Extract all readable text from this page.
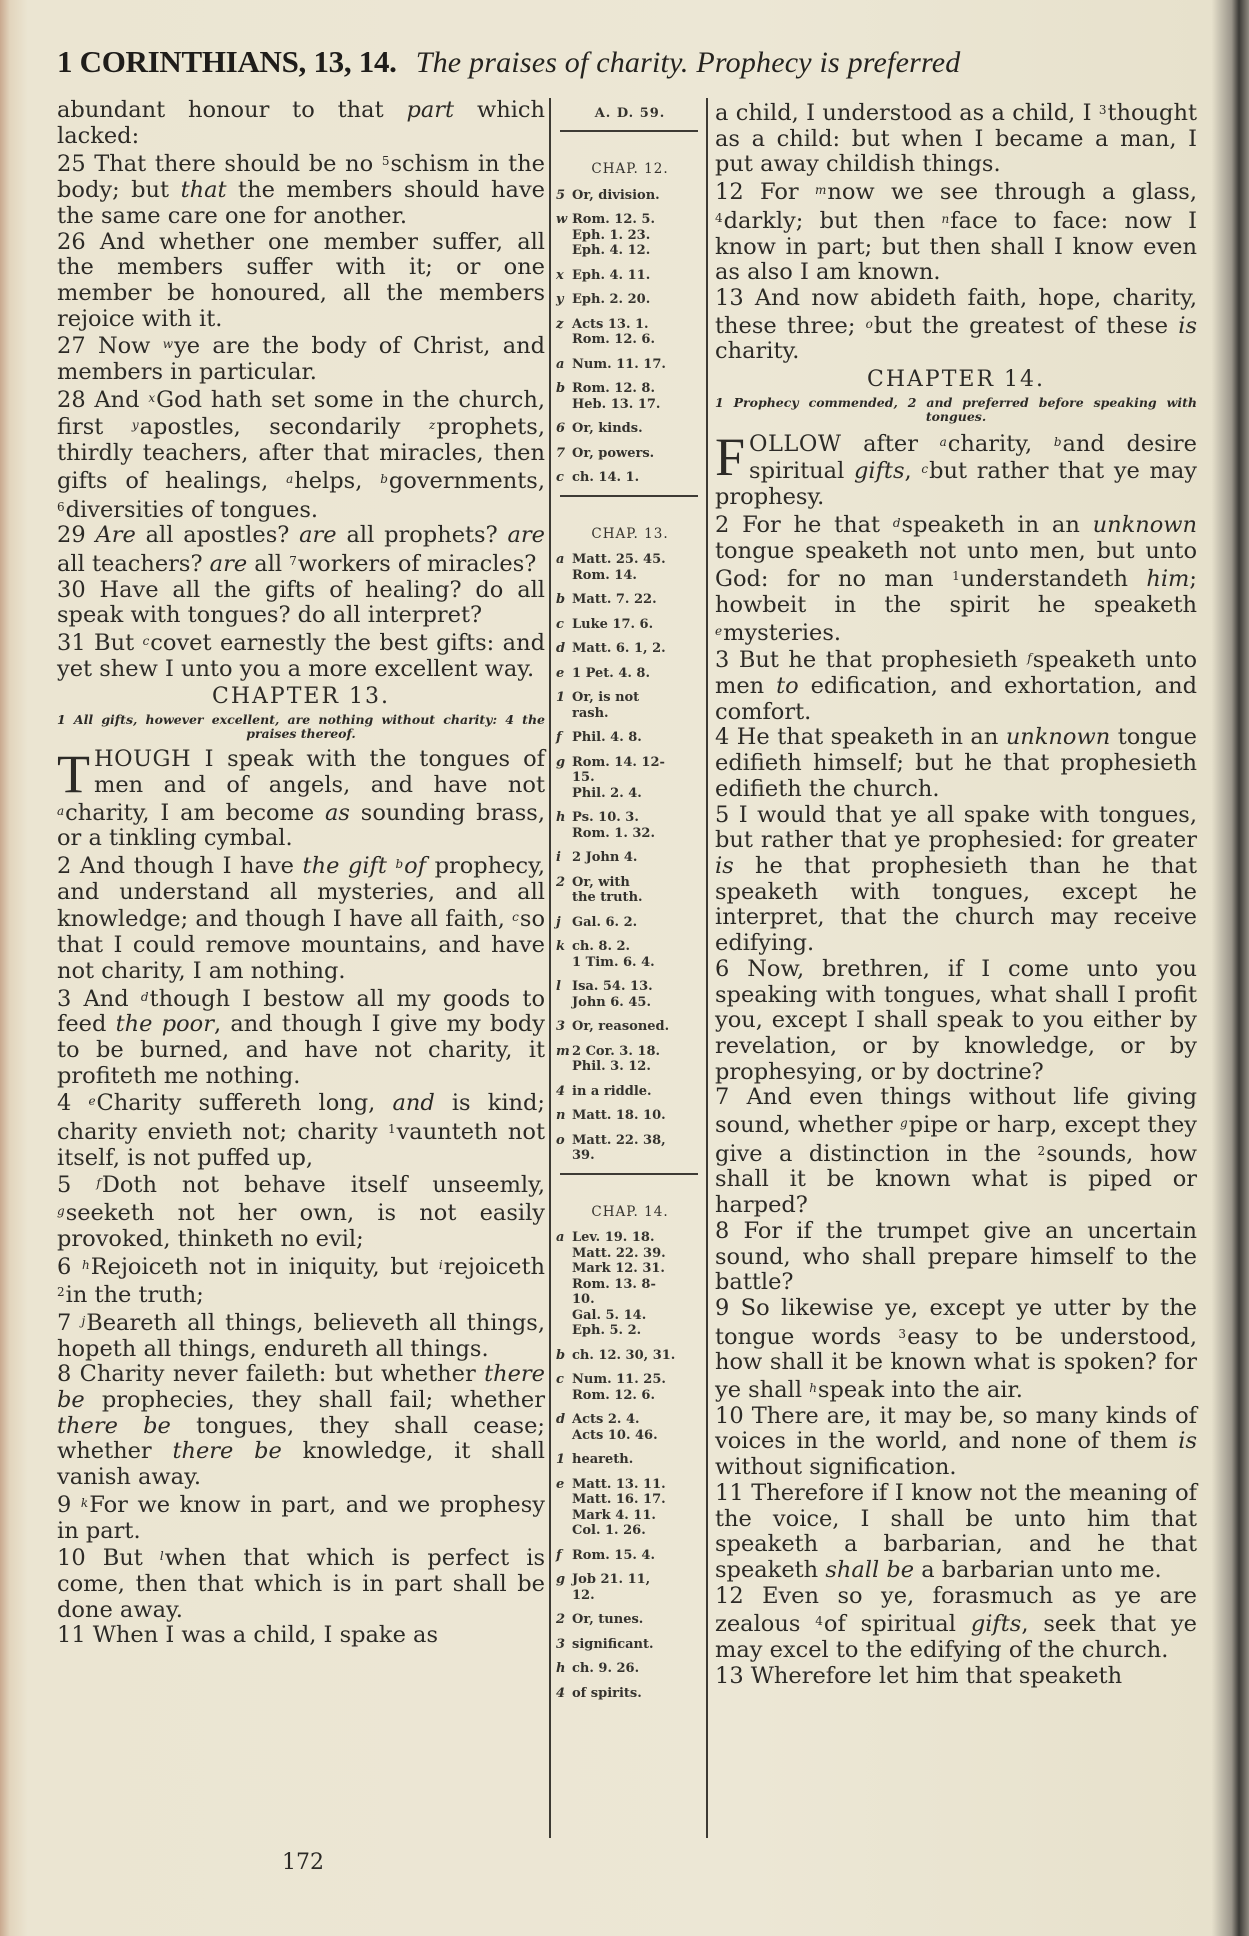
1 CORINTHIANS, 13, 14. The praises of charity. Prophecy is preferred

abundant honour to that part which lacked:

25 That there should be no $^5$schism in the body; but that the members should have the same care one for another.

26 And whether one member suffer, all the members suffer with it; or one member be honoured, all the members rejoice with it.

27 Now $^w$ye are the body of Christ, and members in particular.

28 And $^x$God hath set some in the church, first $^y$apostles, secondarily $^z$prophets, thirdly teachers, after that miracles, then gifts of healings, $^a$helps, $^b$governments, $^6$diversities of tongues.

29 Are all apostles? are all prophets? are all teachers? are all $^7$workers of miracles?

30 Have all the gifts of healing? do all speak with tongues? do all interpret?

31 But $^c$covet earnestly the best gifts: and yet shew I unto you a more excellent way.

CHAPTER 13.
1 All gifts, however excellent, are nothing without charity: 4 the praises thereof.

THOUGH I speak with the tongues of men and of angels, and have not $^a$charity, I am become as sounding brass, or a tinkling cymbal.

2 And though I have the gift $^b$of prophecy, and understand all mysteries, and all knowledge; and though I have all faith, $^c$so that I could remove mountains, and have not charity, I am nothing.

3 And $^d$though I bestow all my goods to feed the poor, and though I give my body to be burned, and have not charity, it profiteth me nothing.

4 $^e$Charity suffereth long, and is kind; charity envieth not; charity $^1$vaunteth not itself, is not puffed up,

5 $^f$Doth not behave itself unseemly, $^g$seeketh not her own, is not easily provoked, thinketh no evil;

6 $^h$Rejoiceth not in iniquity, but $^i$rejoiceth $^2$in the truth;

7 $^j$Beareth all things, believeth all things, hopeth all things, endureth all things.

8 Charity never faileth: but whether there be prophecies, they shall fail; whether there be tongues, they shall cease; whether there be knowledge, it shall vanish away.

9 $^k$For we know in part, and we prophesy in part.

10 But $^l$when that which is perfect is come, then that which is in part shall be done away.

11 When I was a child, I spake as

A. D. 59.
CHAP. 12.
5 Or, division.
w Rom. 12. 5.
Eph. 1. 23.
Eph. 4. 12.
x Eph. 4. 11.
y Eph. 2. 20.
z Acts 13. 1.
Rom. 12. 6.
a Num. 11. 17.
b Rom. 12. 8.
Heb. 13. 17.
6 Or, kinds.
7 Or, powers.
c ch. 14. 1.
CHAP. 13.
a Matt. 25. 45.
Rom. 14.
b Matt. 7. 22.
c Luke 17. 6.
d Matt. 6. 1, 2.
e 1 Pet. 4. 8.
1 Or, is not
rash.
f Phil. 4. 8.
g Rom. 14. 12-
15.
Phil. 2. 4.
h Ps. 10. 3.
Rom. 1. 32.
i 2 John 4.
2 Or, with
the truth.
j Gal. 6. 2.
k ch. 8. 2.
1 Tim. 6. 4.
l Isa. 54. 13.
John 6. 45.
3 Or, reasoned.
m 2 Cor. 3. 18.
Phil. 3. 12.
4 in a riddle.
n Matt. 18. 10.
o Matt. 22. 38,
39.
CHAP. 14.
a Lev. 19. 18.
Matt. 22. 39.
Mark 12. 31.
Rom. 13. 8-
10.
Gal. 5. 14.
Eph. 5. 2.
b ch. 12. 30, 31.
c Num. 11. 25.
Rom. 12. 6.
d Acts 2. 4.
Acts 10. 46.
1 heareth.
e Matt. 13. 11.
Matt. 16. 17.
Mark 4. 11.
Col. 1. 26.
f Rom. 15. 4.
g Job 21. 11,
12.
2 Or, tunes.
3 significant.
h ch. 9. 26.
4 of spirits.

a child, I understood as a child, I $^3$thought as a child: but when I became a man, I put away childish things.

12 For $^m$now we see through a glass, $^4$darkly; but then $^n$face to face: now I know in part; but then shall I know even as also I am known.

13 And now abideth faith, hope, charity, these three; $^o$but the greatest of these is charity.

CHAPTER 14.
1 Prophecy commended, 2 and preferred before speaking with tongues.

FOLLOW after $^a$charity, $^b$and desire spiritual gifts, $^c$but rather that ye may prophesy.

2 For he that $^d$speaketh in an unknown tongue speaketh not unto men, but unto God: for no man $^1$understandeth him; howbeit in the spirit he speaketh $^e$mysteries.

3 But he that prophesieth $^f$speaketh unto men to edification, and exhortation, and comfort.

4 He that speaketh in an unknown tongue edifieth himself; but he that prophesieth edifieth the church.

5 I would that ye all spake with tongues, but rather that ye prophesied: for greater is he that prophesieth than he that speaketh with tongues, except he interpret, that the church may receive edifying.

6 Now, brethren, if I come unto you speaking with tongues, what shall I profit you, except I shall speak to you either by revelation, or by knowledge, or by prophesying, or by doctrine?

7 And even things without life giving sound, whether $^g$pipe or harp, except they give a distinction in the $^2$sounds, how shall it be known what is piped or harped?

8 For if the trumpet give an uncertain sound, who shall prepare himself to the battle?

9 So likewise ye, except ye utter by the tongue words $^3$easy to be understood, how shall it be known what is spoken? for ye shall $^h$speak into the air.

10 There are, it may be, so many kinds of voices in the world, and none of them is without signification.

11 Therefore if I know not the meaning of the voice, I shall be unto him that speaketh a barbarian, and he that speaketh shall be a barbarian unto me.

12 Even so ye, forasmuch as ye are zealous $^4$of spiritual gifts, seek that ye may excel to the edifying of the church.

13 Wherefore let him that speaketh

172
